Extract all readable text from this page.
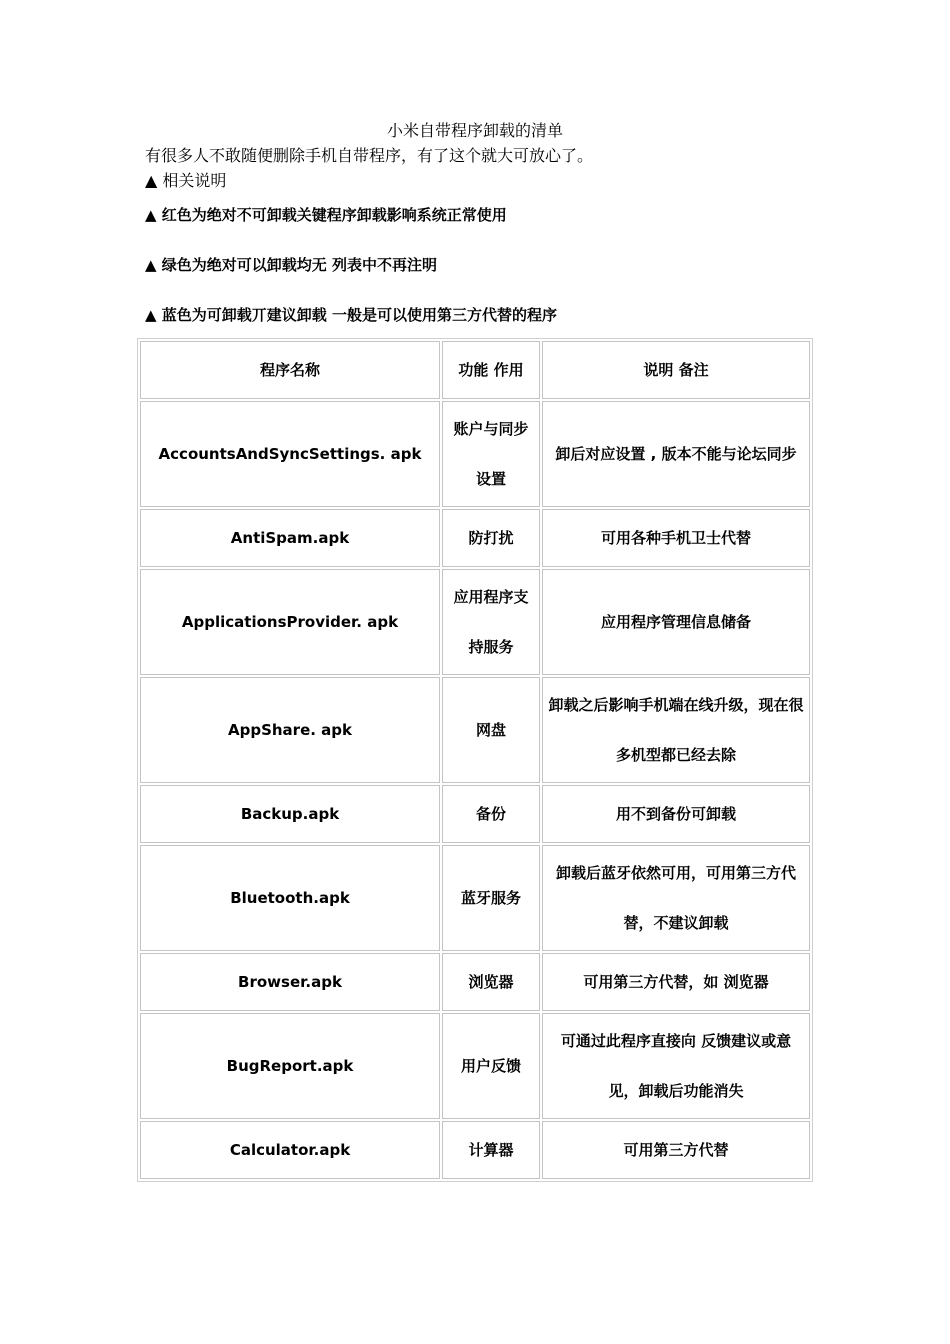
小米自带程序卸载的清单
有很多人不敢随便删除手机自带程序，有了这个就大可放心了。
▲ 相关说明
▲ 红色为绝对不可卸载关键程序卸载影响系统正常使用
▲ 绿色为绝对可以卸载均无 列表中不再注明
▲ 蓝色为可卸载丌建议卸载 一般是可以使用第三方代替的程序
程序名称	功能 作用	说明 备注
AccountsAndSyncSettings. apk	账户与同步设置	卸后对应设置 , 版本不能与论坛同步
AntiSpam.apk	防打扰	可用各种手机卫士代替
ApplicationsProvider. apk	应用程序支持服务	应用程序管理信息储备
AppShare. apk	网盘	卸载之后影响手机端在线升级，现在很多机型都已经去除
Backup.apk	备份	用不到备份可卸载
Bluetooth.apk	蓝牙服务	卸载后蓝牙依然可用，可用第三方代替，不建议卸载
Browser.apk	浏览器	可用第三方代替，如 浏览器
BugReport.apk	用户反馈	可通过此程序直接向 反馈建议或意见，卸载后功能消失
Calculator.apk	计算器	可用第三方代替
